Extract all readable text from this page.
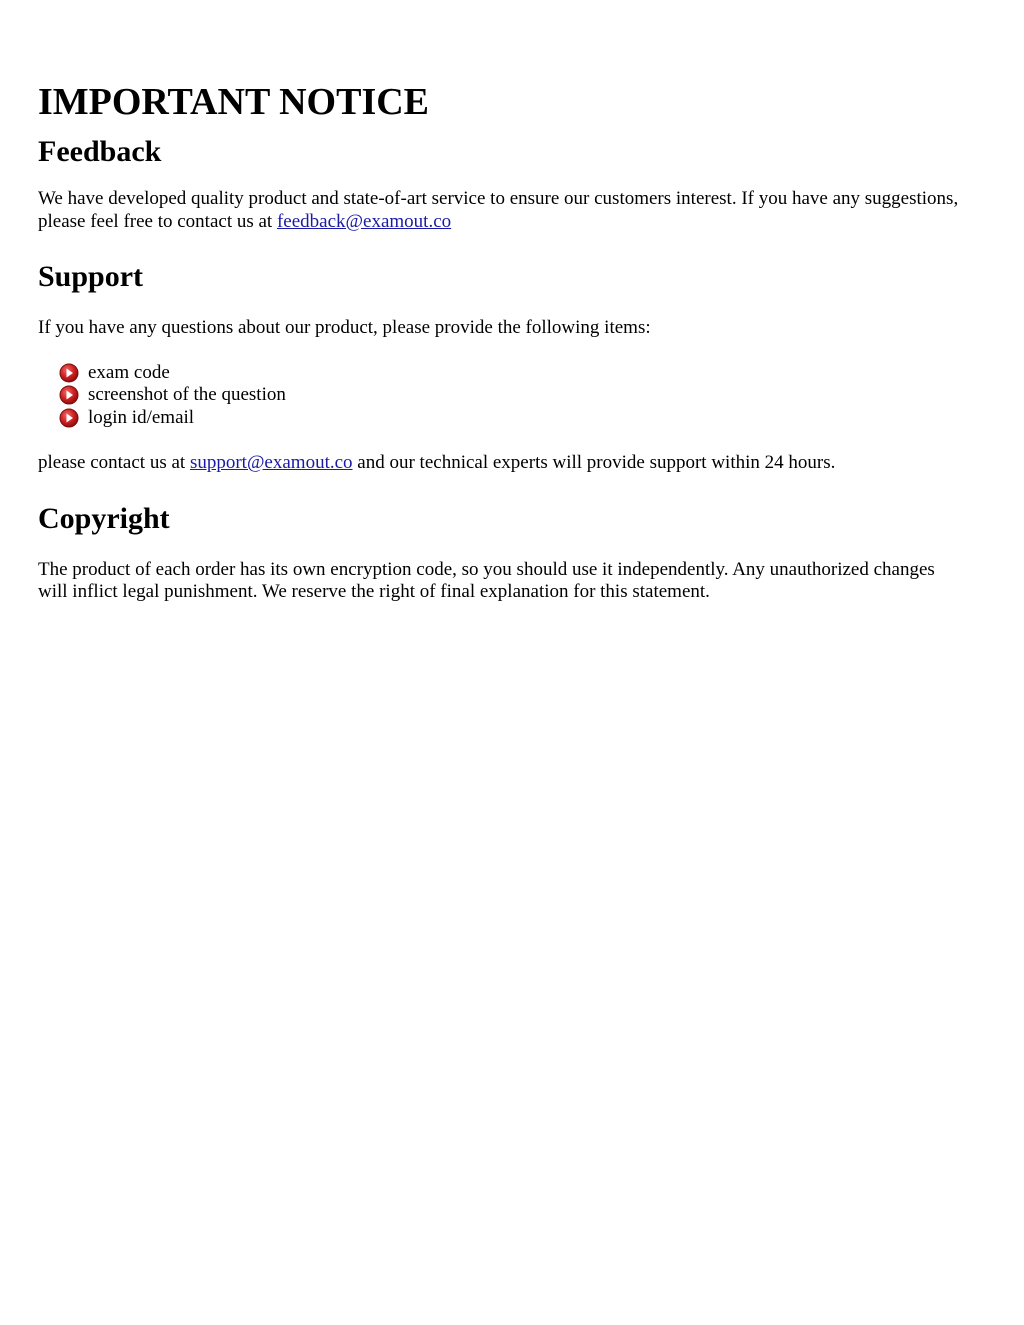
IMPORTANT NOTICE
Feedback

We have developed quality product and state-of-art service to ensure our customers interest. If you have any suggestions, please feel free to contact us at feedback@examout.co

Support

If you have any questions about our product, please provide the following items:

exam code
screenshot of the question
login id/email

please contact us at support@examout.co and our technical experts will provide support within 24 hours.

Copyright

The product of each order has its own encryption code, so you should use it independently. Any unauthorized changes will inflict legal punishment. We reserve the right of final explanation for this statement.
